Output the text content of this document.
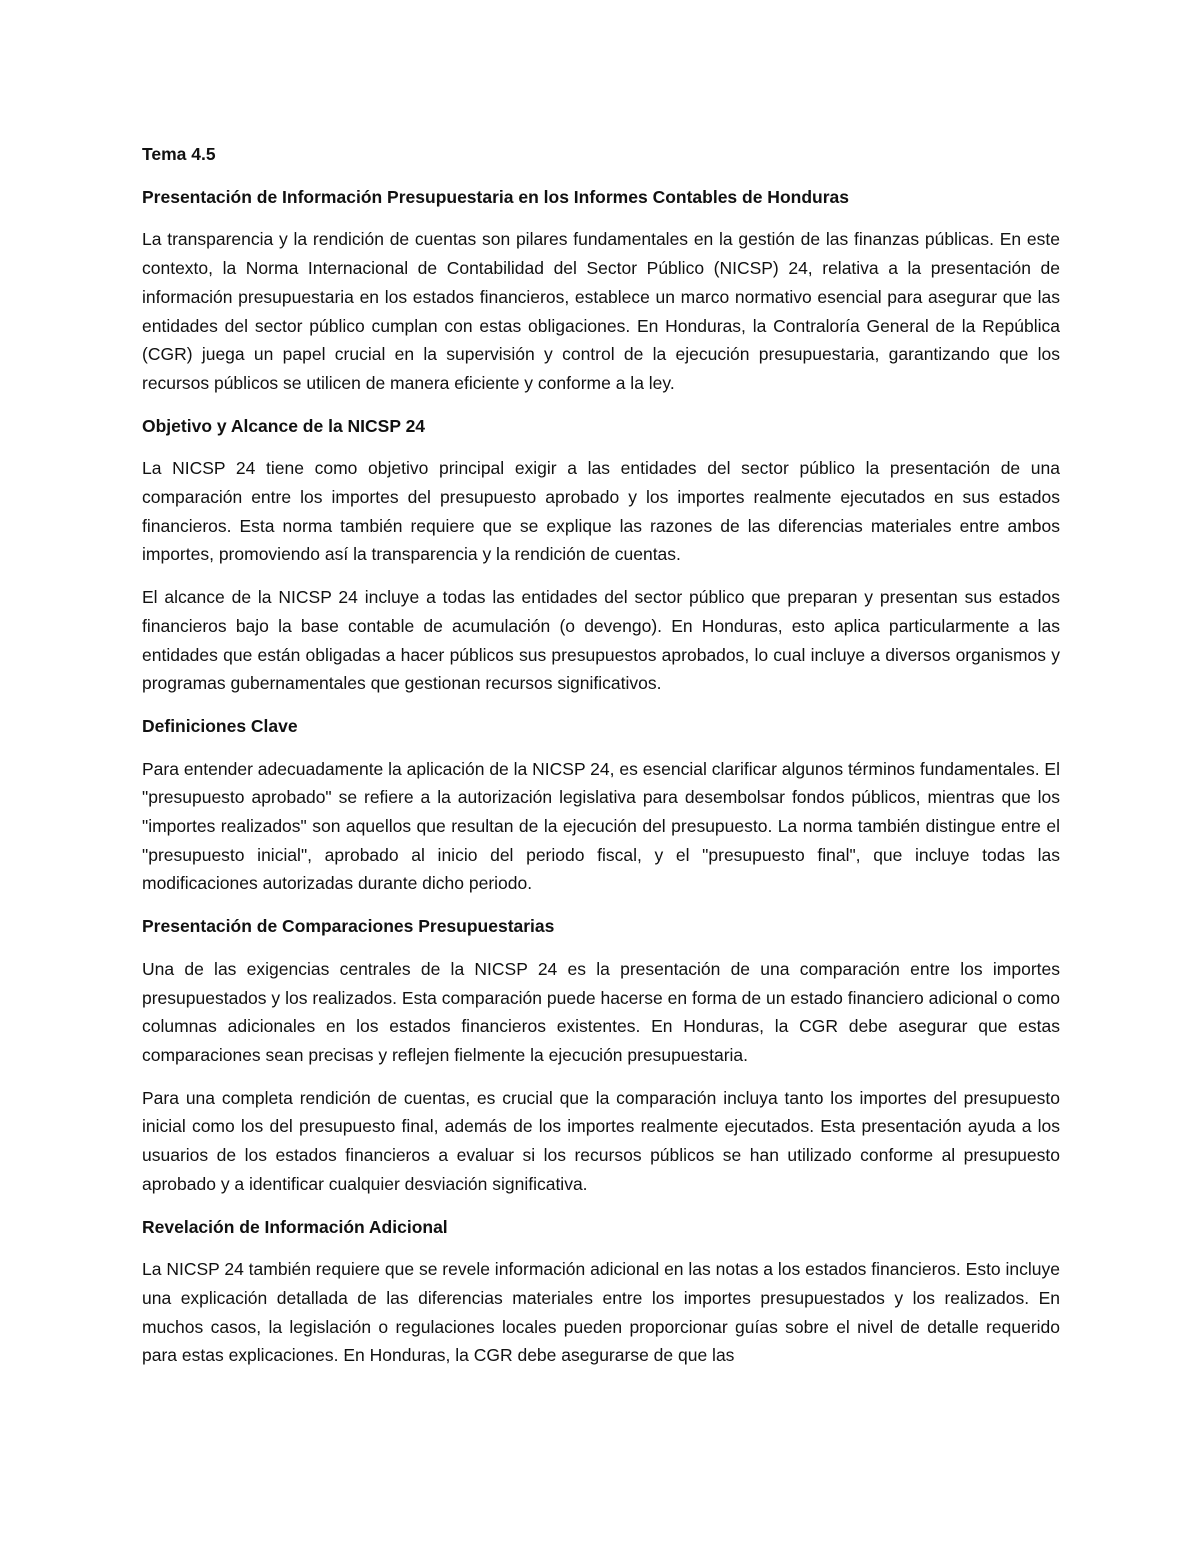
Tema 4.5
Presentación de Información Presupuestaria en los Informes Contables de Honduras

La transparencia y la rendición de cuentas son pilares fundamentales en la gestión de las finanzas públicas. En este contexto, la Norma Internacional de Contabilidad del Sector Público (NICSP) 24, relativa a la presentación de información presupuestaria en los estados financieros, establece un marco normativo esencial para asegurar que las entidades del sector público cumplan con estas obligaciones. En Honduras, la Contraloría General de la República (CGR) juega un papel crucial en la supervisión y control de la ejecución presupuestaria, garantizando que los recursos públicos se utilicen de manera eficiente y conforme a la ley.

Objetivo y Alcance de la NICSP 24

La NICSP 24 tiene como objetivo principal exigir a las entidades del sector público la presentación de una comparación entre los importes del presupuesto aprobado y los importes realmente ejecutados en sus estados financieros. Esta norma también requiere que se explique las razones de las diferencias materiales entre ambos importes, promoviendo así la transparencia y la rendición de cuentas.

El alcance de la NICSP 24 incluye a todas las entidades del sector público que preparan y presentan sus estados financieros bajo la base contable de acumulación (o devengo). En Honduras, esto aplica particularmente a las entidades que están obligadas a hacer públicos sus presupuestos aprobados, lo cual incluye a diversos organismos y programas gubernamentales que gestionan recursos significativos.

Definiciones Clave

Para entender adecuadamente la aplicación de la NICSP 24, es esencial clarificar algunos términos fundamentales. El "presupuesto aprobado" se refiere a la autorización legislativa para desembolsar fondos públicos, mientras que los "importes realizados" son aquellos que resultan de la ejecución del presupuesto. La norma también distingue entre el "presupuesto inicial", aprobado al inicio del periodo fiscal, y el "presupuesto final", que incluye todas las modificaciones autorizadas durante dicho periodo.

Presentación de Comparaciones Presupuestarias

Una de las exigencias centrales de la NICSP 24 es la presentación de una comparación entre los importes presupuestados y los realizados. Esta comparación puede hacerse en forma de un estado financiero adicional o como columnas adicionales en los estados financieros existentes. En Honduras, la CGR debe asegurar que estas comparaciones sean precisas y reflejen fielmente la ejecución presupuestaria.

Para una completa rendición de cuentas, es crucial que la comparación incluya tanto los importes del presupuesto inicial como los del presupuesto final, además de los importes realmente ejecutados. Esta presentación ayuda a los usuarios de los estados financieros a evaluar si los recursos públicos se han utilizado conforme al presupuesto aprobado y a identificar cualquier desviación significativa.

Revelación de Información Adicional

La NICSP 24 también requiere que se revele información adicional en las notas a los estados financieros. Esto incluye una explicación detallada de las diferencias materiales entre los importes presupuestados y los realizados. En muchos casos, la legislación o regulaciones locales pueden proporcionar guías sobre el nivel de detalle requerido para estas explicaciones. En Honduras, la CGR debe asegurarse de que las
